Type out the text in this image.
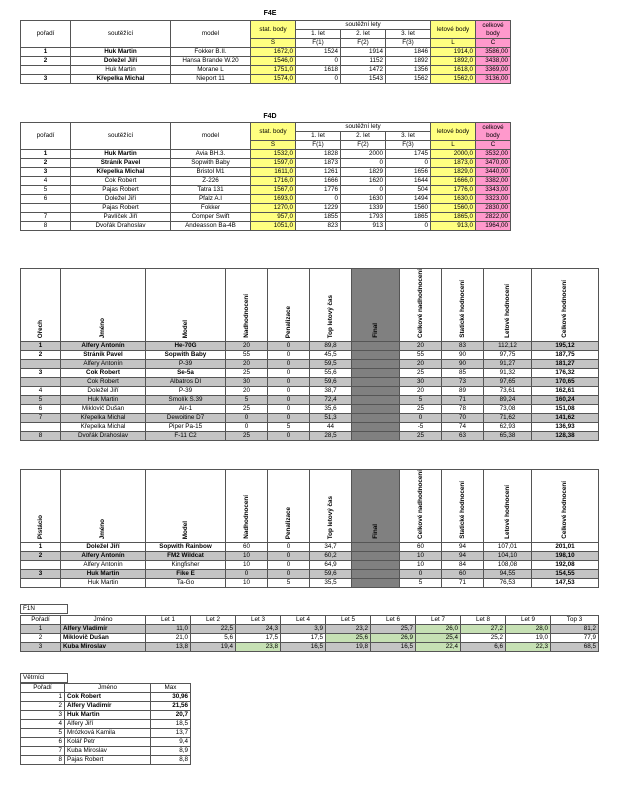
F4E
pořadí	soutěžící	model	stat. body	soutěžní lety			letové body	celkové body
				1. let	2. let	3. let		
			S	F(1)	F(2)	F(3)	L	C
1	Huk Martin	Fokker B.II.	1672,0	1524	1914	1846	1914,0	3586,00
2	Doležel Jiří	Hansa Brande W.20	1546,0	0	1152	1892	1892,0	3438,00
	Huk Martin	Morane L	1751,0	1618	1472	1356	1618,0	3369,00
3	Křepelka Michal	Nieport 11	1574,0	0	1543	1562	1562,0	3136,00
F4D
pořadí	soutěžící	model	stat. body	soutěžní lety			letové body	celkové body
				1. let	2. let	3. let		
			S	F(1)	F(2)	F(3)	L	C
1	Huk Martin	Avia BH.3.	1532,0	1828	2000	1745	2000,0	3532,00
2	Stráník Pavel	Sopwith Baby	1597,0	1873	0	0	1873,0	3470,00
3	Křepelka Michal	Bristol M1	1611,0	1261	1829	1656	1829,0	3440,00
4	Cok Robert	Z-226	1716,0	1666	1620	1644	1666,0	3382,00
5	Pajas Robert	Tatra 131	1567,0	1776	0	504	1776,0	3343,00
6	Doležel Jiří	Pfalz A.I	1693,0	0	1630	1494	1630,0	3323,00
	Pajas Robert	Fokker	1270,0	1229	1339	1560	1560,0	2830,00
7	Pavlíček Jiří	Comper Swift	957,0	1855	1793	1865	1865,0	2822,00
8	Dvořák Drahoslav	Andeasson Ba-4B	1051,0	823	913	0	913,0	1964,00
Ořech	Jméno	Model	Nadhodnocení	Penalizace	Top letový čas	Final	Celkové nadhodnocení	Statické hodnocení	Letové hodnocení	Celkové hodnocení

1	Alfery Antonín	He-70G	20	0	89,8		20	83	112,12	195,12
2	Stráník Pavel	Sopwith Baby	55	0	45,5		55	90	97,75	187,75
	Alfery Antonín	P-39	20	0	59,5		20	90	91,27	181,27
3	Cok Robert	Se-5a	25	0	55,6		25	85	91,32	176,32
	Cok Robert	Albatros DI	30	0	59,6		30	73	97,65	170,65
4	Doležel Jiří	P-39	20	0	38,7		20	89	73,61	162,61
5	Huk Martin	Šmolík Š.39	5	0	72,4		5	71	89,24	160,24
6	Miklovič Dušan	Air-1	25	0	35,6		25	78	73,08	151,08
7	Křepelka Michal	Dewoitine D7	0	0	51,3		0	70	71,62	141,62
	Křepelka Michal	Piper Pa-15	0	5	44		-5	74	62,93	136,93
8	Dvořák Drahoslav	F-11 C2	25	0	28,5		25	63	65,38	128,38
Pistácio	Jméno	Model	Nadhodnocení	Penalizace	Top letový čas	Final	Celkové nadhodnocení	Statické hodnocení	Letové hodnocení	Celkové hodnocení

1	Doležel Jiří	Sopwith Rainbow	60	0	34,7		60	94	107,01	201,01
2	Alfery Antonín	FM2 Wildcat	10	0	60,2		10	94	104,10	198,10
	Alfery Antonín	Kingfisher	10	0	64,9		10	84	108,08	192,08
3	Huk Martin	Fike E	0	0	59,6		0	60	94,55	154,55
	Huk Martin	Ta-Go	10	5	35,5		5	71	76,53	147,53
F1N
Pořadí	Jméno	Let 1	Let 2	Let 3	Let 4	Let 5	Let 6	Let 7	Let 8	Let 9	Top 3
1	Alfery Vladimír	11,0	22,5	24,3	3,9	23,2	25,7	26,0	27,2	28,0	81,2
2	Miklovič Dušan	21,0	5,6	17,5	17,5	25,6	26,9	25,4	25,2	19,0	77,9
3	Kuba Miroslav	13,8	19,4	23,8	16,5	19,8	16,5	22,4	6,6	22,3	68,5
Větrníci
Pořadí	Jméno	Max
1	Cok Robert	30,96
2	Alfery Vladimír	21,56
3	Huk Martin	20,7
4	Alfery Jiří	18,5
5	Mrózková Kamila	13,7
6	Kolář Petr	9,4
7	Kuba Miroslav	8,9
8	Pajas Robert	8,8
